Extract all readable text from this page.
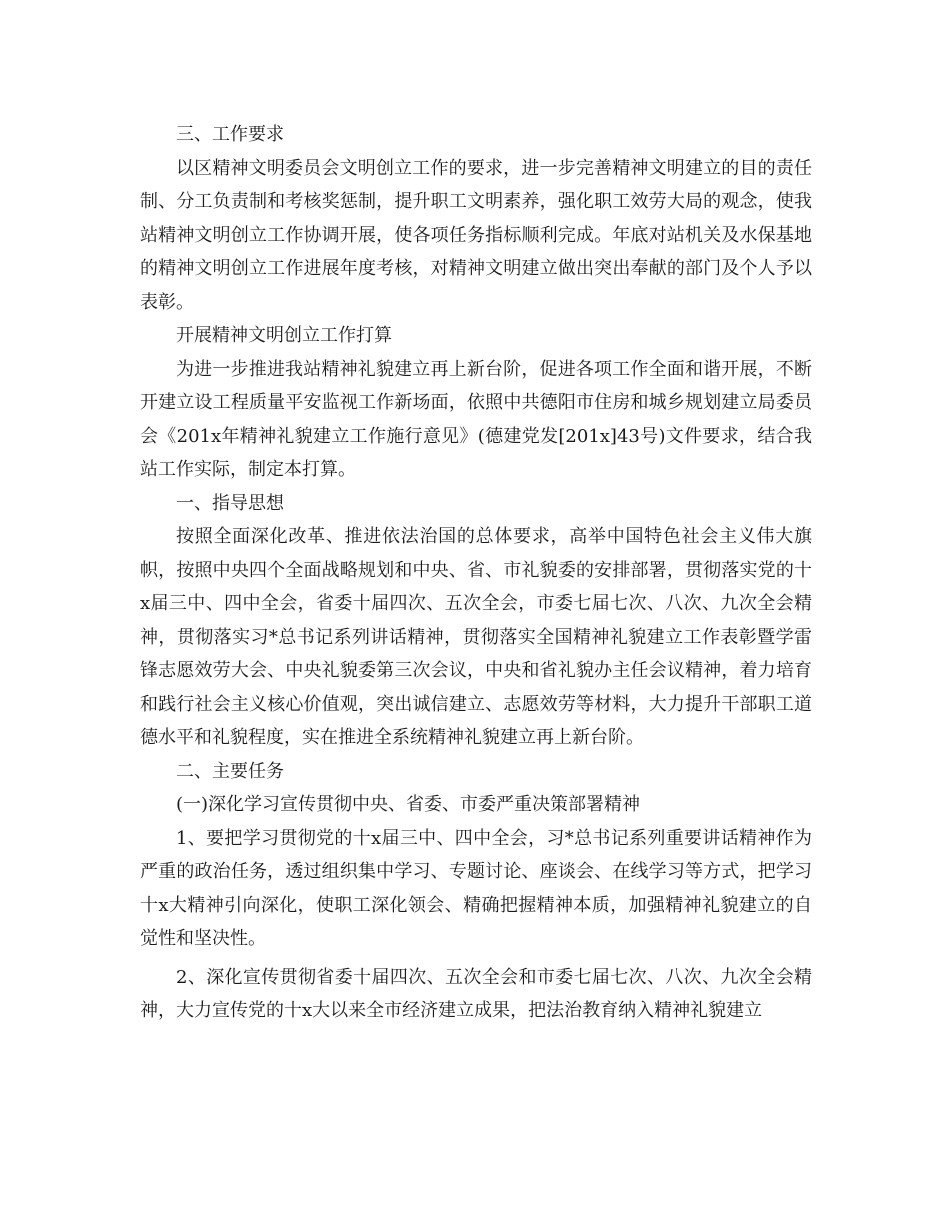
三、工作要求

以区精神文明委员会文明创立工作的要求，进一步完善精神文明建立的目的责任制、分工负责制和考核奖惩制，提升职工文明素养，强化职工效劳大局的观念，使我站精神文明创立工作协调开展，使各项任务指标顺利完成。年底对站机关及水保基地的精神文明创立工作进展年度考核，对精神文明建立做出突出奉献的部门及个人予以表彰。

开展精神文明创立工作打算

为进一步推进我站精神礼貌建立再上新台阶，促进各项工作全面和谐开展，不断开建立设工程质量平安监视工作新场面，依照中共德阳市住房和城乡规划建立局委员会《201x年精神礼貌建立工作施行意见》(德建党发[201x]43号)文件要求，结合我站工作实际，制定本打算。

一、指导思想

按照全面深化改革、推进依法治国的总体要求，高举中国特色社会主义伟大旗帜，按照中央四个全面战略规划和中央、省、市礼貌委的安排部署，贯彻落实党的十x届三中、四中全会，省委十届四次、五次全会，市委七届七次、八次、九次全会精神，贯彻落实习*总书记系列讲话精神，贯彻落实全国精神礼貌建立工作表彰暨学雷锋志愿效劳大会、中央礼貌委第三次会议，中央和省礼貌办主任会议精神，着力培育和践行社会主义核心价值观，突出诚信建立、志愿效劳等材料，大力提升干部职工道德水平和礼貌程度，实在推进全系统精神礼貌建立再上新台阶。

二、主要任务

(一)深化学习宣传贯彻中央、省委、市委严重决策部署精神

1、要把学习贯彻党的十x届三中、四中全会，习*总书记系列重要讲话精神作为严重的政治任务，透过组织集中学习、专题讨论、座谈会、在线学习等方式，把学习十x大精神引向深化，使职工深化领会、精确把握精神本质，加强精神礼貌建立的自觉性和坚决性。

2、深化宣传贯彻省委十届四次、五次全会和市委七届七次、八次、九次全会精神，大力宣传党的十x大以来全市经济建立成果，把法治教育纳入精神礼貌建立
